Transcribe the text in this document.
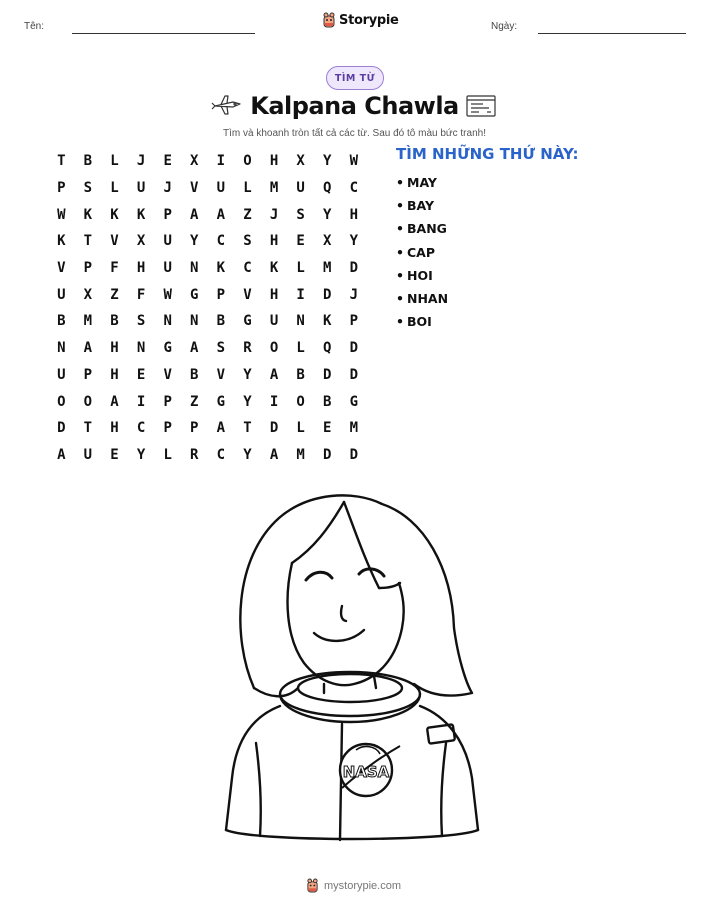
Tên:	Storypie	Ngày:
TÌM TỪ
Kalpana Chawla
Tìm và khoanh tròn tất cả các từ. Sau đó tô màu bức tranh!
T	B	L	J	E	X	I	O	H	X	Y	W
P	S	L	U	J	V	U	L	M	U	Q	C
W	K	K	K	P	A	A	Z	J	S	Y	H
K	T	V	X	U	Y	C	S	H	E	X	Y
V	P	F	H	U	N	K	C	K	L	M	D
U	X	Z	F	W	G	P	V	H	I	D	J
B	M	B	S	N	N	B	G	U	N	K	P
N	A	H	N	G	A	S	R	O	L	Q	D
U	P	H	E	V	B	V	Y	A	B	D	D
O	O	A	I	P	Z	G	Y	I	O	B	G
D	T	H	C	P	P	A	T	D	L	E	M
A	U	E	Y	L	R	C	Y	A	M	D	D
TÌM NHỮNG THỨ NÀY:
• MAY
• BAY
• BANG
• CAP
• HOI
• NHAN
• BOI
NASA
mystorypie.com
